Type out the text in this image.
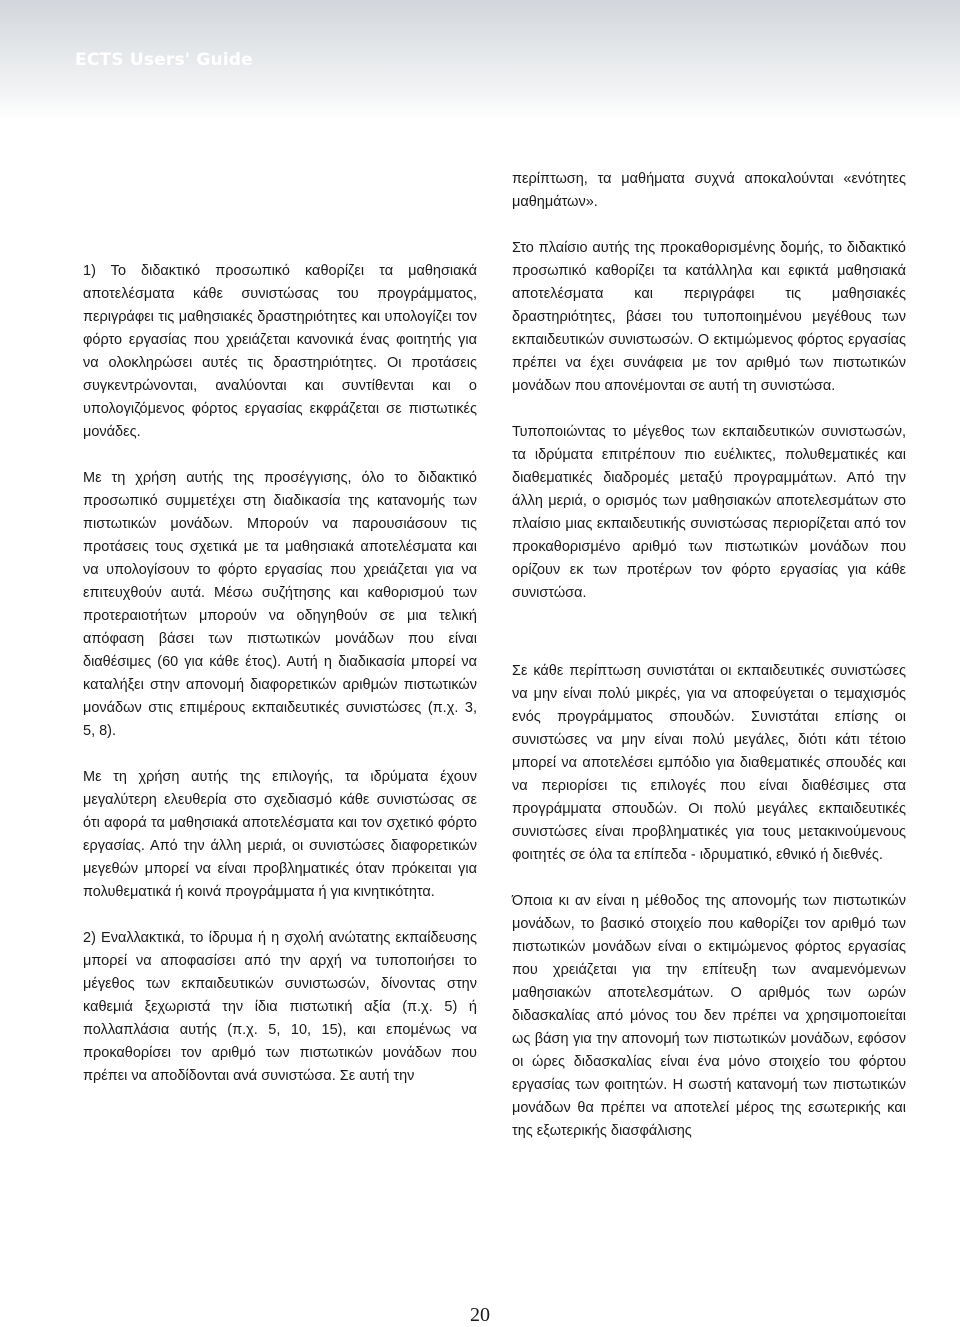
ECTS Users' Guide

1) Το διδακτικό προσωπικό καθορίζει τα μαθησιακά αποτελέσματα κάθε συνιστώσας του προγράμματος, περιγράφει τις μαθησιακές δραστηριότητες και υπολογίζει τον φόρτο εργασίας που χρειάζεται κανονικά ένας φοιτητής για να ολοκληρώσει αυτές τις δραστηριότητες. Οι προτάσεις συγκεντρώνονται, αναλύονται και συντίθενται και ο υπολογιζόμενος φόρτος εργασίας εκφράζεται σε πιστωτικές μονάδες.

Με τη χρήση αυτής της προσέγγισης, όλο το διδακτικό προσωπικό συμμετέχει στη διαδικασία της κατανομής των πιστωτικών μονάδων. Μπορούν να παρουσιάσουν τις προτάσεις τους σχετικά με τα μαθησιακά αποτελέσματα και να υπολογίσουν το φόρτο εργασίας που χρειάζεται για να επιτευχθούν αυτά. Μέσω συζήτησης και καθορισμού των προτεραιοτήτων μπορούν να οδηγηθούν σε μια τελική απόφαση βάσει των πιστωτικών μονάδων που είναι διαθέσιμες (60 για κάθε έτος). Αυτή η διαδικασία μπορεί να καταλήξει στην απονομή διαφορετικών αριθμών πιστωτικών μονάδων στις επιμέρους εκπαιδευτικές συνιστώσες (π.χ. 3, 5, 8).

Με τη χρήση αυτής της επιλογής, τα ιδρύματα έχουν μεγαλύτερη ελευθερία στο σχεδιασμό κάθε συνιστώσας σε ότι αφορά τα μαθησιακά αποτελέσματα και τον σχετικό φόρτο εργασίας. Από την άλλη μεριά, οι συνιστώσες διαφορετικών μεγεθών μπορεί να είναι προβληματικές όταν πρόκειται για πολυθεματικά ή κοινά προγράμματα ή για κινητικότητα.

2) Εναλλακτικά, το ίδρυμα ή η σχολή ανώτατης εκπαίδευσης μπορεί να αποφασίσει από την αρχή να τυποποιήσει το μέγεθος των εκπαιδευτικών συνιστωσών, δίνοντας στην καθεμιά ξεχωριστά την ίδια πιστωτική αξία (π.χ. 5) ή πολλαπλάσια αυτής (π.χ. 5, 10, 15), και επομένως να προκαθορίσει τον αριθμό των πιστωτικών μονάδων που πρέπει να αποδίδονται ανά συνιστώσα. Σε αυτή την

περίπτωση, τα μαθήματα συχνά αποκαλούνται «ενότητες μαθημάτων».

Στο πλαίσιο αυτής της προκαθορισμένης δομής, το διδακτικό προσωπικό καθορίζει τα κατάλληλα και εφικτά μαθησιακά αποτελέσματα και περιγράφει τις μαθησιακές δραστηριότητες, βάσει του τυποποιημένου μεγέθους των εκπαιδευτικών συνιστωσών. Ο εκτιμώμενος φόρτος εργασίας πρέπει να έχει συνάφεια με τον αριθμό των πιστωτικών μονάδων που απονέμονται σε αυτή τη συνιστώσα.

Τυποποιώντας το μέγεθος των εκπαιδευτικών συνιστωσών, τα ιδρύματα επιτρέπουν πιο ευέλικτες, πολυθεματικές και διαθεματικές διαδρομές μεταξύ προγραμμάτων. Από την άλλη μεριά, ο ορισμός των μαθησιακών αποτελεσμάτων στο πλαίσιο μιας εκπαιδευτικής συνιστώσας περιορίζεται από τον προκαθορισμένο αριθμό των πιστωτικών μονάδων που ορίζουν εκ των προτέρων τον φόρτο εργασίας για κάθε συνιστώσα.

Σε κάθε περίπτωση συνιστάται οι εκπαιδευτικές συνιστώσες να μην είναι πολύ μικρές, για να αποφεύγεται ο τεμαχισμός ενός προγράμματος σπουδών. Συνιστάται επίσης οι συνιστώσες να μην είναι πολύ μεγάλες, διότι κάτι τέτοιο μπορεί να αποτελέσει εμπόδιο για διαθεματικές σπουδές και να περιορίσει τις επιλογές που είναι διαθέσιμες στα προγράμματα σπουδών. Οι πολύ μεγάλες εκπαιδευτικές συνιστώσες είναι προβληματικές για τους μετακινούμενους φοιτητές σε όλα τα επίπεδα - ιδρυματικό, εθνικό ή διεθνές.

Όποια κι αν είναι η μέθοδος της απονομής των πιστωτικών μονάδων, το βασικό στοιχείο που καθορίζει τον αριθμό των πιστωτικών μονάδων είναι ο εκτιμώμενος φόρτος εργασίας που χρειάζεται για την επίτευξη των αναμενόμενων μαθησιακών αποτελεσμάτων. Ο αριθμός των ωρών διδασκαλίας από μόνος του δεν πρέπει να χρησιμοποιείται ως βάση για την απονομή των πιστωτικών μονάδων, εφόσον οι ώρες διδασκαλίας είναι ένα μόνο στοιχείο του φόρτου εργασίας των φοιτητών. Η σωστή κατανομή των πιστωτικών μονάδων θα πρέπει να αποτελεί μέρος της εσωτερικής και της εξωτερικής διασφάλισης

20
